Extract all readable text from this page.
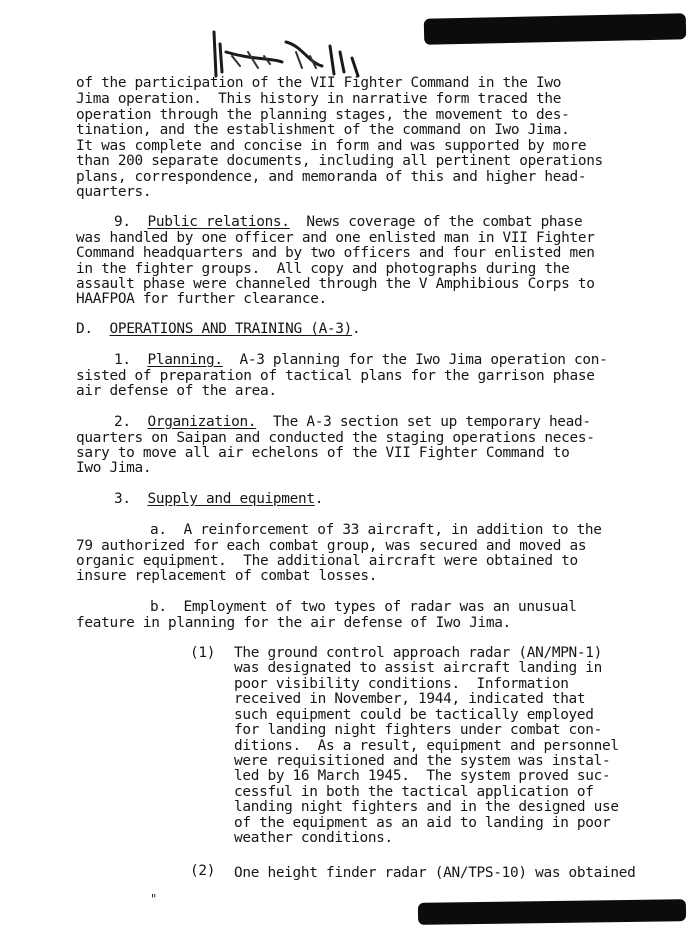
"
of the participation of the VII Fighter Command in the Iwo
Jima operation.  This history in narrative form traced the
operation through the planning stages, the movement to des-
tination, and the establishment of the command on Iwo Jima.
It was complete and concise in form and was supported by more
than 200 separate documents, including all pertinent operations
plans, correspondence, and memoranda of this and higher head-
quarters.
9. Public relations.  News coverage of the combat phase
was handled by one officer and one enlisted man in VII Fighter
Command headquarters and by two officers and four enlisted men
in the fighter groups.  All copy and photographs during the
assault phase were channeled through the V Amphibious Corps to
HAAFPOA for further clearance.
D. OPERATIONS AND TRAINING (A-3).
1. Planning.  A-3 planning for the Iwo Jima operation con-
sisted of preparation of tactical plans for the garrison phase
air defense of the area.
2. Organization.  The A-3 section set up temporary head-
quarters on Saipan and conducted the staging operations neces-
sary to move all air echelons of the VII Fighter Command to
Iwo Jima.
3. Supply and equipment.
a.  A reinforcement of 33 aircraft, in addition to the
79 authorized for each combat group, was secured and moved as
organic equipment.  The additional aircraft were obtained to
insure replacement of combat losses.
b.  Employment of two types of radar was an unusual
feature in planning for the air defense of Iwo Jima.
(1) The ground control approach radar (AN/MPN-1)
was designated to assist aircraft landing in
poor visibility conditions.  Information
received in November, 1944, indicated that
such equipment could be tactically employed
for landing night fighters under combat con-
ditions.  As a result, equipment and personnel
were requisitioned and the system was instal-
led by 16 March 1945.  The system proved suc-
cessful in both the tactical application of
landing night fighters and in the designed use
of the equipment as an aid to landing in poor
weather conditions.
(2) One height finder radar (AN/TPS-10) was obtained
